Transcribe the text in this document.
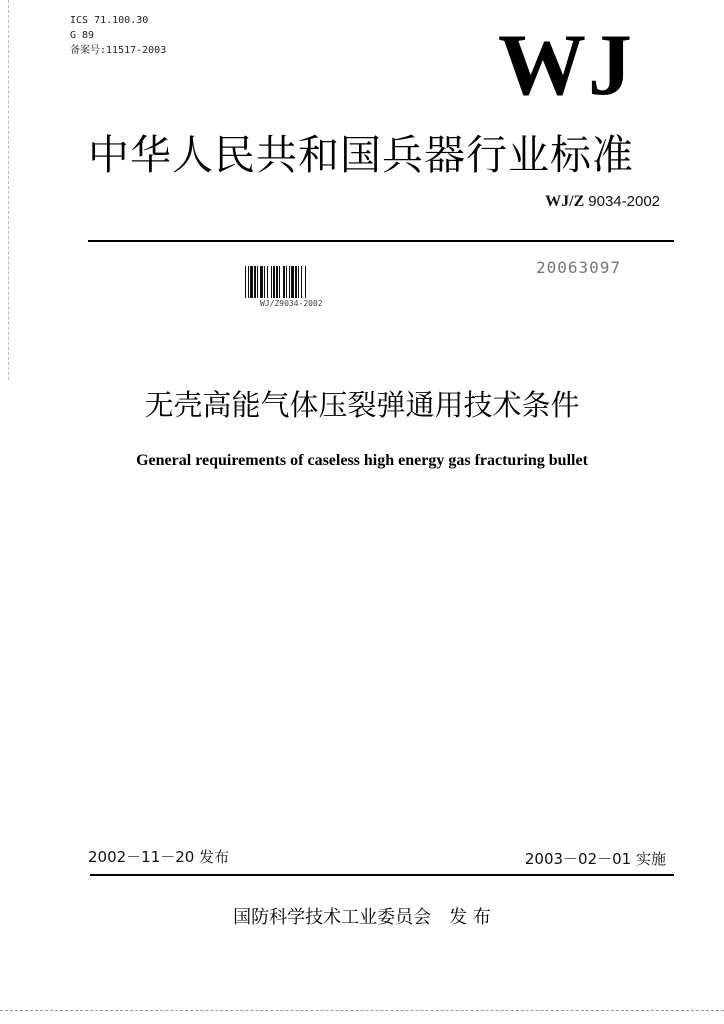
ICS 71.100.30
G 89
备案号:11517-2003	WJ
中华人民共和国兵器行业标准
WJ/Z 9034-2002
WJ/Z9034-2002
20063097
无壳高能气体压裂弹通用技术条件
General requirements of caseless high energy gas fracturing bullet
2002－11－20 发布	2003－02－01 实施
国防科学技术工业委员会 发 布
